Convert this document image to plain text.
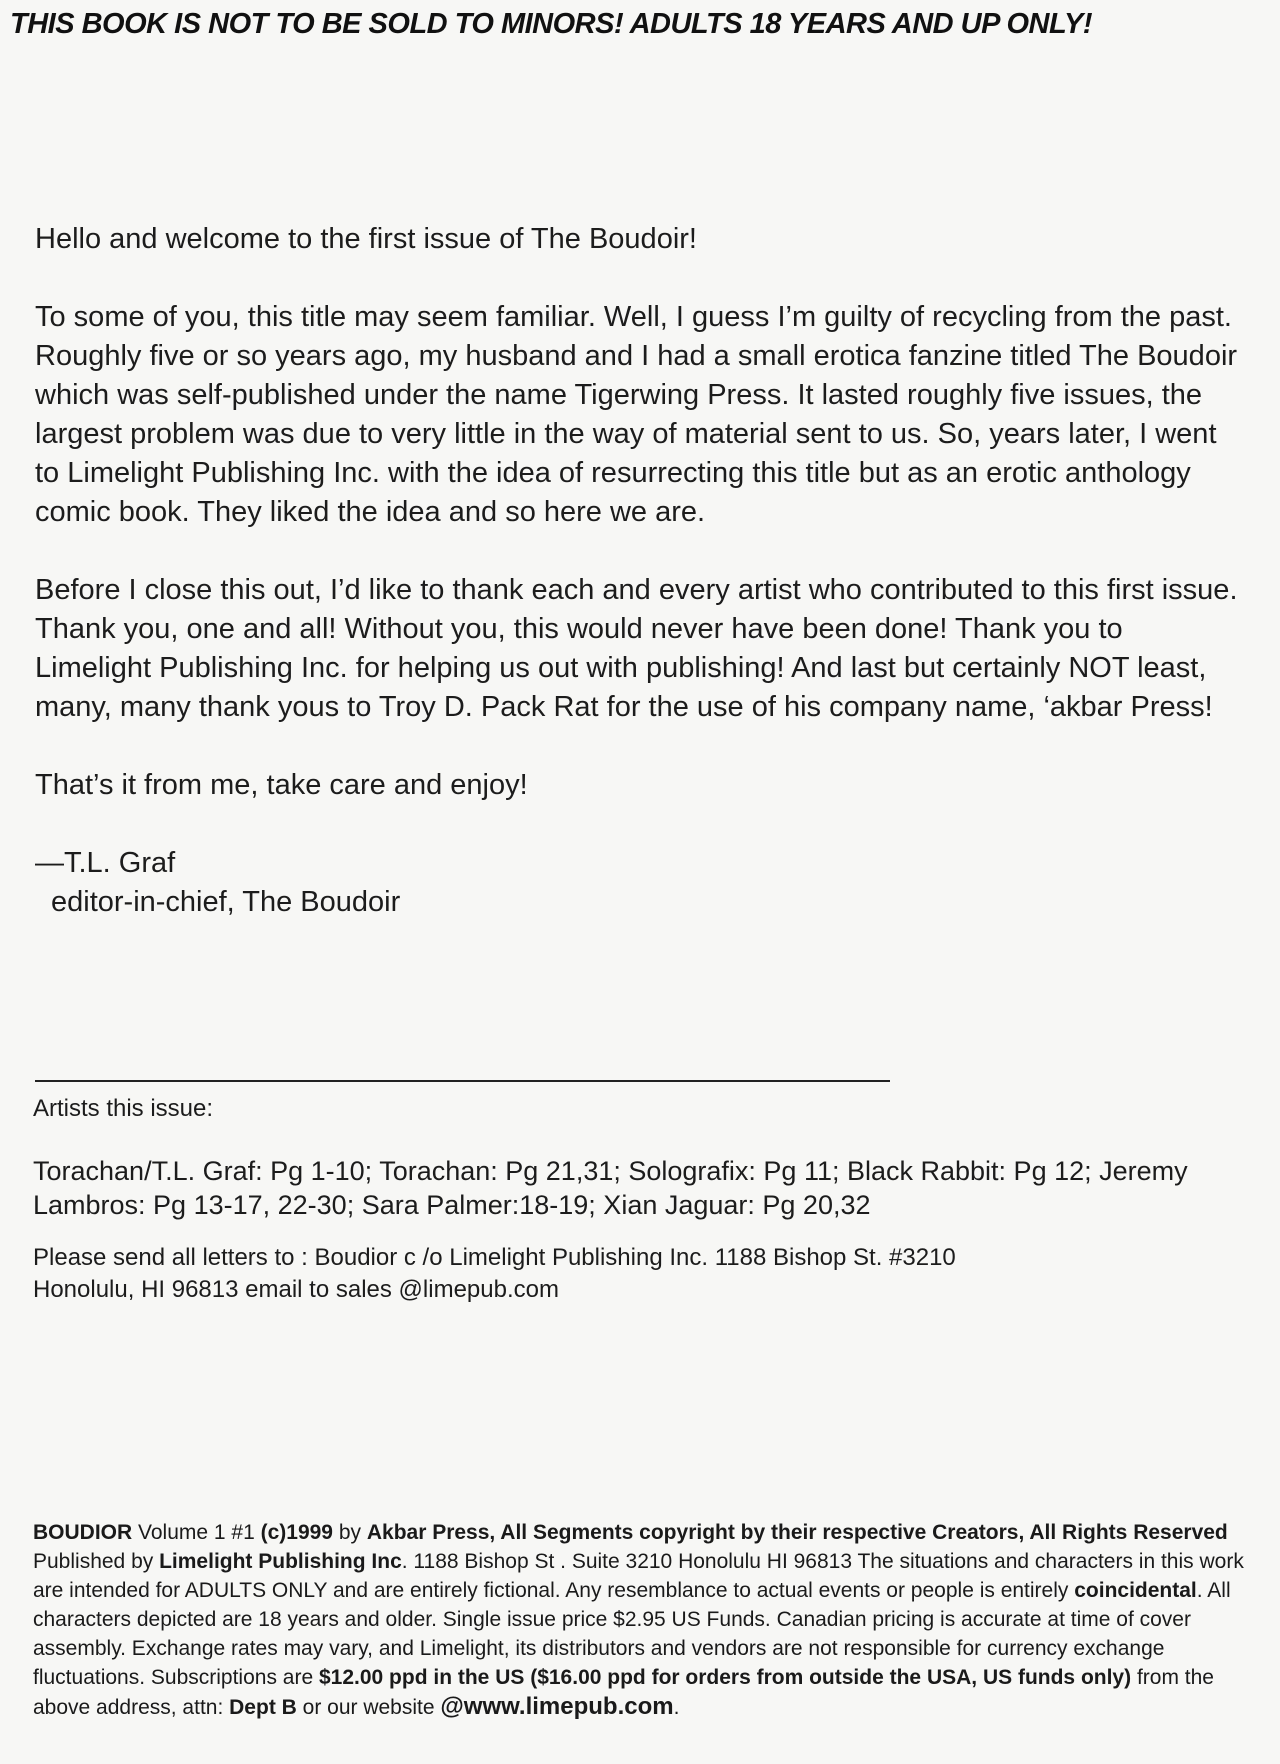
THIS BOOK IS NOT TO BE SOLD TO MINORS! ADULTS 18 YEARS AND UP ONLY!

Hello and welcome to the first issue of The Boudoir!

To some of you, this title may seem familiar. Well, I guess I’m guilty of recycling from the past. Roughly five or so years ago, my husband and I had a small erotica fanzine titled The Boudoir which was self-published under the name Tigerwing Press. It lasted roughly five issues, the largest problem was due to very little in the way of material sent to us. So, years later, I went to Limelight Publishing Inc. with the idea of resurrecting this title but as an erotic anthology comic book. They liked the idea and so here we are.

Before I close this out, I’d like to thank each and every artist who contributed to this first issue. Thank you, one and all! Without you, this would never have been done! Thank you to Limelight Publishing Inc. for helping us out with publishing! And last but certainly NOT least, many, many thank yous to Troy D. Pack Rat for the use of his company name, ‘akbar Press!

That’s it from me, take care and enjoy!

—T.L. Graf
editor-in-chief, The Boudoir

Artists this issue:

Torachan/T.L. Graf: Pg 1-10; Torachan: Pg 21,31; Solografix: Pg 11; Black Rabbit: Pg 12; Jeremy Lambros: Pg 13-17, 22-30; Sara Palmer:18-19; Xian Jaguar: Pg 20,32

Please send all letters to : Boudior c /o Limelight Publishing Inc. 1188 Bishop St. #3210
Honolulu, HI 96813 email to sales @limepub.com

BOUDIOR Volume 1 #1 (c)1999 by Akbar Press, All Segments copyright by their respective Creators, All Rights Reserved Published by Limelight Publishing Inc. 1188 Bishop St . Suite 3210 Honolulu HI 96813 The situations and characters in this work are intended for ADULTS ONLY and are entirely fictional. Any resemblance to actual events or people is entirely coincidental. All characters depicted are 18 years and older. Single issue price $2.95 US Funds. Canadian pricing is accurate at time of cover assembly. Exchange rates may vary, and Limelight, its distributors and vendors are not responsible for currency exchange fluctuations. Subscriptions are $12.00 ppd in the US ($16.00 ppd for orders from outside the USA, US funds only) from the above address, attn: Dept B or our website @www.limepub.com.
